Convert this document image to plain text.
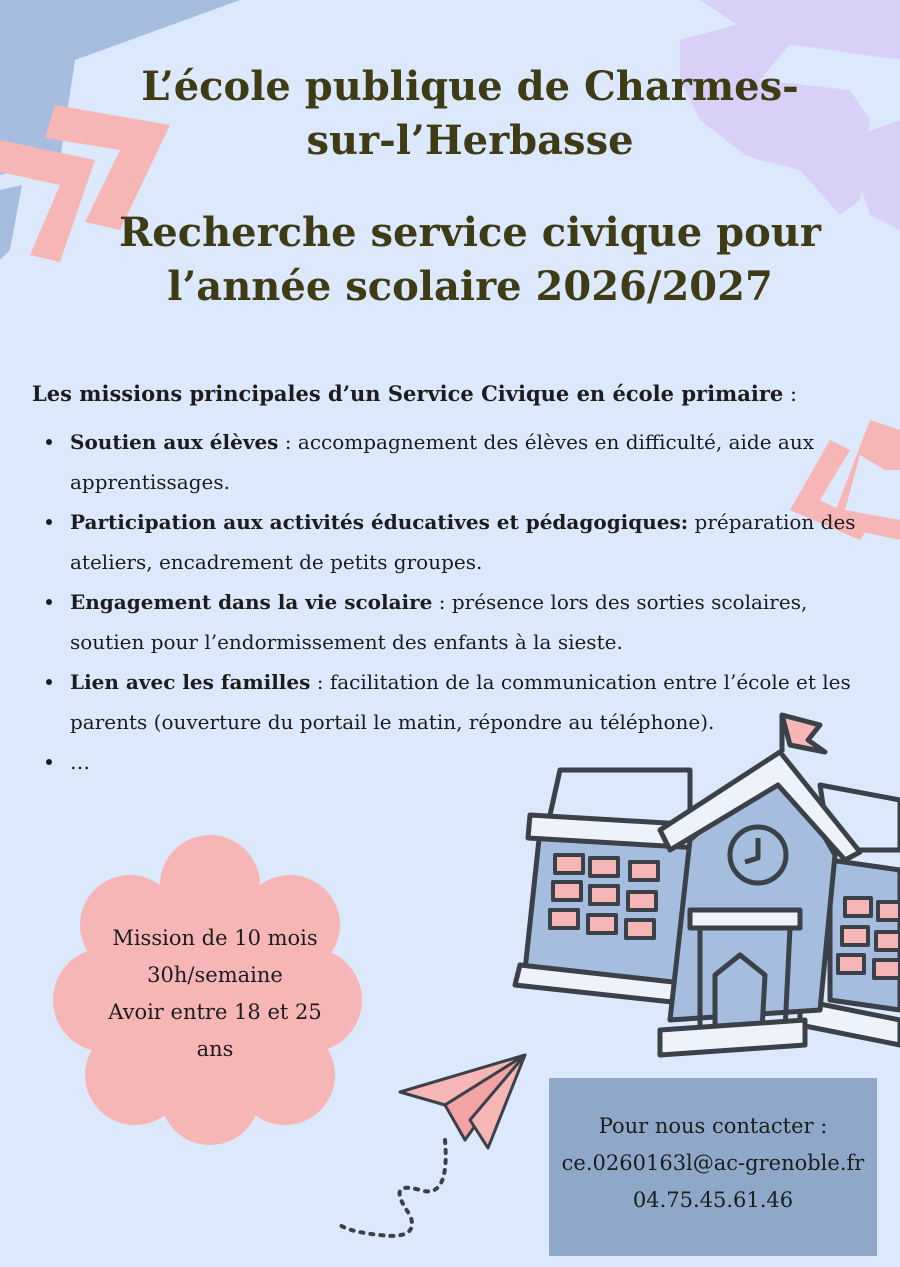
L’école publique de Charmes-
sur-l’Herbasse
Recherche service civique pour
l’année scolaire 2026/2027

Les missions principales d’un Service Civique en école primaire :

Soutien aux élèves : accompagnement des élèves en difficulté, aide aux apprentissages.
Participation aux activités éducatives et pédagogiques: préparation des ateliers, encadrement de petits groupes.
Engagement dans la vie scolaire : présence lors des sorties scolaires, soutien pour l’endormissement des enfants à la sieste.
Lien avec les familles : facilitation de la communication entre l’école et les parents (ouverture du portail le matin, répondre au téléphone).
…
Mission de 10 mois
30h/semaine
Avoir entre 18 et 25
ans
Pour nous contacter :
ce.0260163l@ac-grenoble.fr
04.75.45.61.46
